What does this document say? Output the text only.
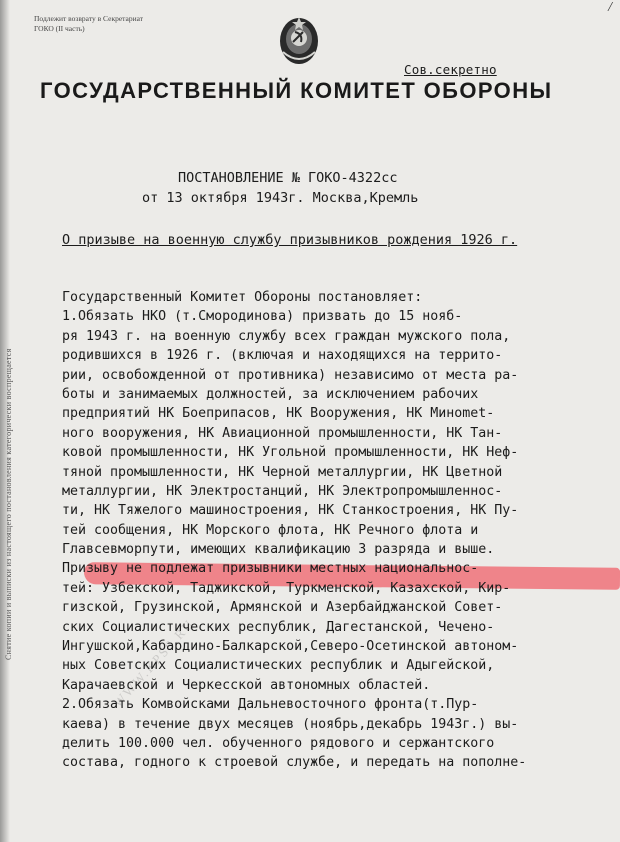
Подлежит возврату в Секретариат
ГОКО (II часть)
/
Сов.секретно
ГОСУДАРСТВЕННЫЙ КОМИТЕТ ОБОРОНЫ
Снятие копии и выписки из настоящего постановления категорически воспрещается
WWW.KPSS.RU
ПОСТАНОВЛЕНИЕ № ГОКО-4322сс
от 13 октября 1943г. Москва,Кремль
О призыве на военную службу призывников рождения 1926 г.
Государственный Комитет Обороны постановляет:
1.Обязать НКО (т.Смородинова) призвать до 15 нояб-
ря 1943 г. на военную службу всех граждан мужского пола,
родившихся в 1926 г. (включая и находящихся на террито-
рии, освобожденной от противника) независимо от места ра-
боты и занимаемых должностей, за исключением рабочих
предприятий НК Боеприпасов, НК Вооружения, НК Минomet-
ного вооружения, НК Авиационной промышленности, НК Тан-
ковой промышленности, НК Угольной промышленности, НК Неф-
тяной промышленности, НК Черной металлургии, НК Цветной
металлургии, НК Электростанций, НК Электропромышленнос-
ти, НК Тяжелого машиностроения, НК Станкостроения, НК Пу-
тей сообщения, НК Морского флота, НК Речного флота и
Главсевморпути, имеющих квалификацию 3 разряда и выше.
Призыву не подлежат призывники местных национальнос-
тей: Узбекской, Таджикской, Туркменской, Казахской, Кир-
гизской, Грузинской, Армянской и Азербайджанской Совет-
ских Социалистических республик, Дагестанской, Чечено-
Ингушской,Кабардино-Балкарской,Северо-Осетинской автоном-
ных Советских Социалистических республик и Адыгейской,
Карачаевской и Черкесской автономных областей.
2.Обязать Комвойсками Дальневосточного фронта(т.Пур-
каева) в течение двух месяцев (ноябрь,декабрь 1943г.) вы-
делить 100.000 чел. обученного рядового и сержантского
состава, годного к строевой службе, и передать на пополне-
